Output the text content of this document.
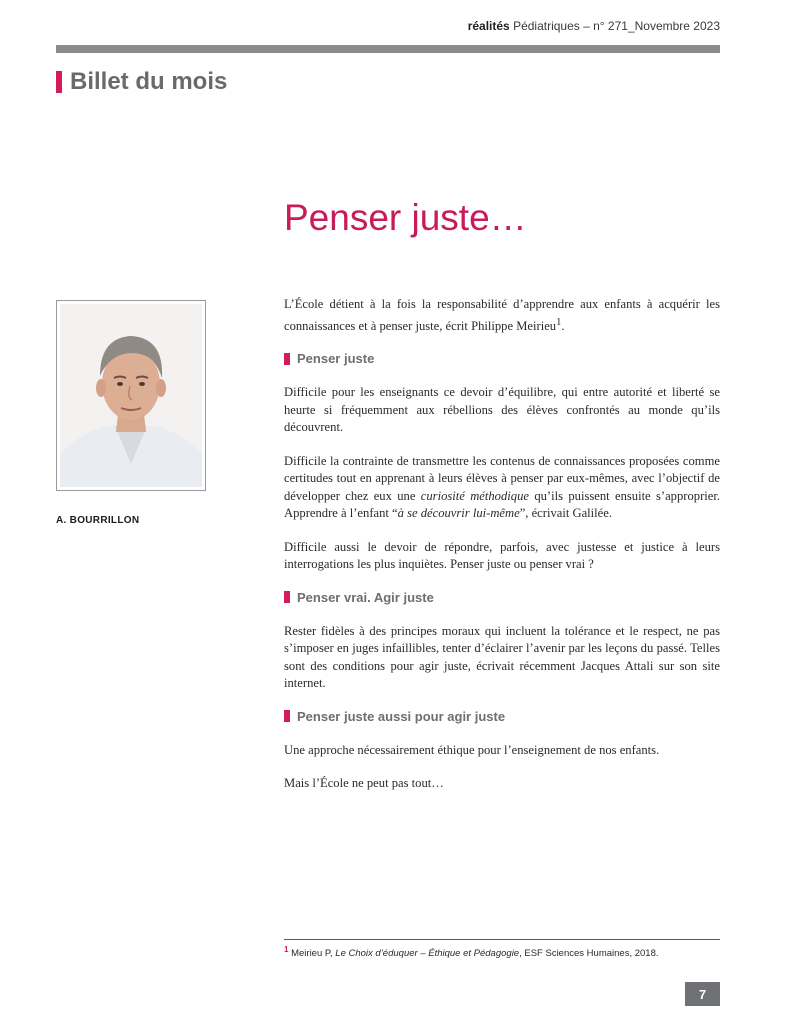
réalités Pédiatriques – n° 271_Novembre 2023
Billet du mois
Penser juste…
A. BOURRILLON

L’École détient à la fois la responsabilité d’apprendre aux enfants à acquérir les connaissances et à penser juste, écrit Philippe Meirieu$^1$.

Penser juste

Difficile pour les enseignants ce devoir d’équilibre, qui entre autorité et liberté se heurte si fréquemment aux rébellions des élèves confrontés au monde qu’ils découvrent.

Difficile la contrainte de transmettre les contenus de connaissances proposées comme certitudes tout en apprenant à leurs élèves à penser par eux-mêmes, avec l’objectif de développer chez eux une curiosité méthodique qu’ils puissent ensuite s’approprier. Apprendre à l’enfant “à se découvrir lui-même”, écrivait Galilée.

Difficile aussi le devoir de répondre, parfois, avec justesse et justice à leurs interrogations les plus inquiètes. Penser juste ou penser vrai ?

Penser vrai. Agir juste

Rester fidèles à des principes moraux qui incluent la tolérance et le respect, ne pas s’imposer en juges infaillibles, tenter d’éclairer l’avenir par les leçons du passé. Telles sont des conditions pour agir juste, écrivait récemment Jacques Attali sur son site internet.

Penser juste aussi pour agir juste

Une approche nécessairement éthique pour l’enseignement de nos enfants.

Mais l’École ne peut pas tout…

$^1$ Meirieu P, Le Choix d’éduquer – Éthique et Pédagogie, ESF Sciences Humaines, 2018.
7
